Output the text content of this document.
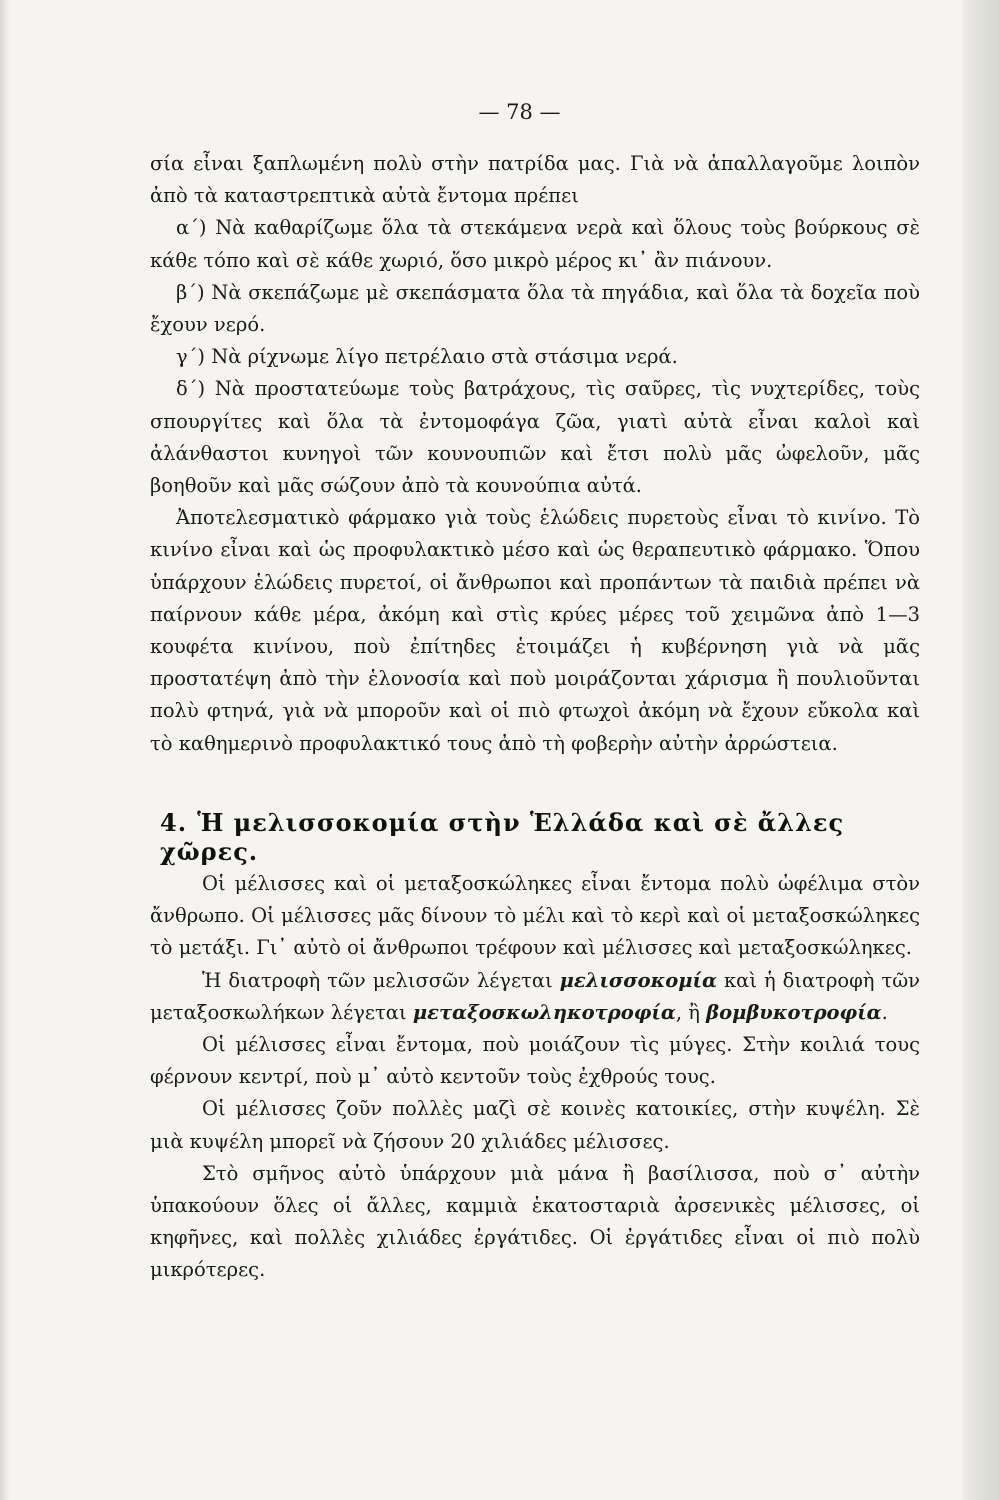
— 78 —

σία εἶναι ξαπλωμένη πολὺ στὴν πατρίδα μας. Γιὰ νὰ ἀπαλλαγοῦμε λοιπὸν ἀπὸ τὰ καταστρεπτικὰ αὐτὰ ἔντομα πρέπει

α΄) Νὰ καθαρίζωμε ὅλα τὰ στεκάμενα νερὰ καὶ ὅλους τοὺς βούρκους σὲ κάθε τόπο καὶ σὲ κάθε χωριό, ὅσο μικρὸ μέρος κι᾿ ἂν πιάνουν.

β΄) Νὰ σκεπάζωμε μὲ σκεπάσματα ὅλα τὰ πηγάδια, καὶ ὅλα τὰ δοχεῖα ποὺ ἔχουν νερό.

γ΄) Νὰ ρίχνωμε λίγο πετρέλαιο στὰ στάσιμα νερά.

δ΄) Νὰ προστατεύωμε τοὺς βατράχους, τὶς σαῦρες, τὶς νυχτερίδες, τοὺς σπουργίτες καὶ ὅλα τὰ ἐντομοφάγα ζῶα, γιατὶ αὐτὰ εἶναι καλοὶ καὶ ἀλάνθαστοι κυνηγοὶ τῶν κουνουπιῶν καὶ ἔτσι πολὺ μᾶς ὠφελοῦν, μᾶς βοηθοῦν καὶ μᾶς σώζουν ἀπὸ τὰ κουνούπια αὐτά.

Ἀποτελεσματικὸ φάρμακο γιὰ τοὺς ἑλώδεις πυρετοὺς εἶναι τὸ κινίνο. Τὸ κινίνο εἶναι καὶ ὡς προφυλακτικὸ μέσο καὶ ὡς θεραπευτικὸ φάρμακο. Ὅπου ὑπάρχουν ἑλώδεις πυρετοί, οἱ ἄνθρωποι καὶ προπάντων τὰ παιδιὰ πρέπει νὰ παίρνουν κάθε μέρα, ἀκόμη καὶ στὶς κρύες μέρες τοῦ χειμῶνα ἀπὸ 1—3 κουφέτα κινίνου, ποὺ ἐπίτηδες ἑτοιμάζει ἡ κυβέρνηση γιὰ νὰ μᾶς προστατέψη ἀπὸ τὴν ἑλονοσία καὶ ποὺ μοιράζονται χάρισμα ἢ πουλιοῦνται πολὺ φτηνά, γιὰ νὰ μποροῦν καὶ οἱ πιὸ φτωχοὶ ἀκόμη νὰ ἔχουν εὔκολα καὶ τὸ καθημερινὸ προφυλακτικό τους ἀπὸ τὴ φοβερὴν αὐτὴν ἀρρώστεια.

4. Ἡ μελισσοκομία στὴν Ἑλλάδα καὶ σὲ ἄλλες χῶρες.

Οἱ μέλισσες καὶ οἱ μεταξοσκώληκες εἶναι ἔντομα πολὺ ὠφέλιμα στὸν ἄνθρωπο. Οἱ μέλισσες μᾶς δίνουν τὸ μέλι καὶ τὸ κερὶ καὶ οἱ μεταξοσκώληκες τὸ μετάξι. Γι᾿ αὐτὸ οἱ ἄνθρωποι τρέφουν καὶ μέλισσες καὶ μεταξοσκώληκες.

Ἡ διατροφὴ τῶν μελισσῶν λέγεται μελισσοκομία καὶ ἡ διατροφὴ τῶν μεταξοσκωλήκων λέγεται μεταξοσκωληκοτροφία, ἢ βομβυκοτροφία.

Οἱ μέλισσες εἶναι ἔντομα, ποὺ μοιάζουν τὶς μύγες. Στὴν κοιλιά τους φέρνουν κεντρί, ποὺ μ᾿ αὐτὸ κεντοῦν τοὺς ἐχθρούς τους.

Οἱ μέλισσες ζοῦν πολλὲς μαζὶ σὲ κοινὲς κατοικίες, στὴν κυψέλη. Σὲ μιὰ κυψέλη μπορεῖ νὰ ζήσουν 20 χιλιάδες μέλισσες.

Στὸ σμῆνος αὐτὸ ὑπάρχουν μιὰ μάνα ἢ βασίλισσα, ποὺ σ᾿ αὐτὴν ὑπακούουν ὅλες οἱ ἄλλες, καμμιὰ ἑκατοσταριὰ ἀρσενικὲς μέλισσες, οἱ κηφῆνες, καὶ πολλὲς χιλιάδες ἐργάτιδες. Οἱ ἐργάτιδες εἶναι οἱ πιὸ πολὺ μικρότερες.
